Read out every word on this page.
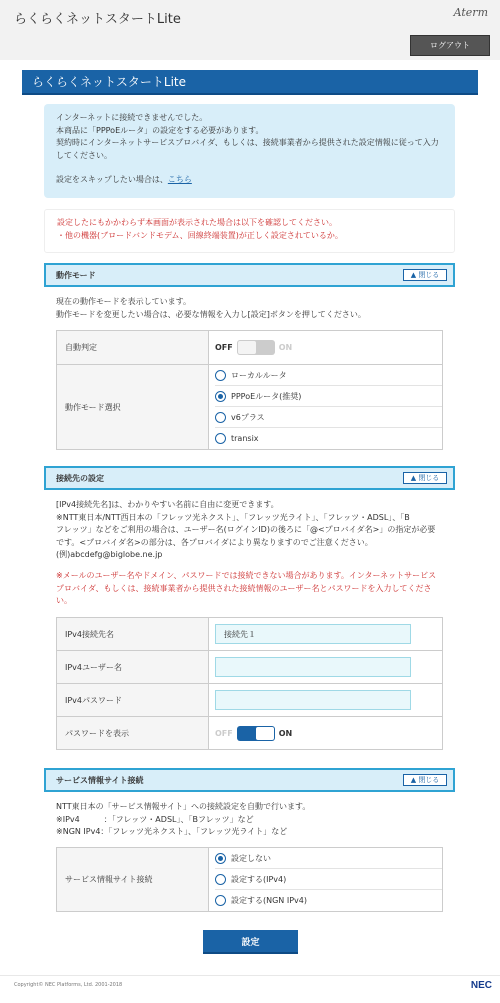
らくらくネットスタートLite	Aterm
ログアウト
らくらくネットスタートLite
インターネットに接続できませんでした。
本商品に「PPPoEルータ」の設定をする必要があります。
契約時にインターネットサービスプロバイダ、もしくは、接続事業者から提供された設定情報に従って入力
してください。
設定をスキップしたい場合は、こちら
設定したにもかかわらず本画面が表示された場合は以下を確認してください。
・他の機器(ブロードバンドモデム、回線終端装置)が正しく設定されているか。
動作モード	▲
閉じる
現在の動作モードを表示しています。
動作モードを変更したい場合は、必要な情報を入力し[設定]ボタンを押してください。
自動判定	OFF ON

動作モード選択	ローカルルータ
PPPoEルータ(推奨)
v6プラス
transix
接続先の設定	▲
閉じる
[IPv4接続先名]は、わかりやすい名前に自由に変更できます。
※NTT東日本/NTT西日本の「フレッツ光ネクスト」、「フレッツ光ライト」、「フレッツ・ADSL」、「B
フレッツ」などをご利用の場合は、ユーザー名(ログインID)の後ろに「@<プロバイダ名>」の指定が必要
です。<プロバイダ名>の部分は、各プロバイダにより異なりますのでご注意ください。
(例)abcdefg@biglobe.ne.jp
※メールのユーザー名やドメイン、パスワードでは接続できない場合があります。インターネットサービス
プロバイダ、もしくは、接続事業者から提供された接続情報のユーザー名とパスワードを入力してくださ
い。
IPv4接続先名	接続先１

IPv4ユーザー名	

IPv4パスワード	

パスワードを表示	OFF ON
サービス情報サイト接続	▲
閉じる
NTT東日本の「サービス情報サイト」への接続設定を自動で行います。
※IPv4　　　：「フレッツ・ADSL」、「Bフレッツ」など
※NGN IPv4：「フレッツ光ネクスト」、「フレッツ光ライト」など
サービス情報サイト接続	
設定しない
設定する(IPv4)
設定する(NGN IPv4)
設定
Copyright© NEC Platforms, Ltd. 2001-2018	NEC
